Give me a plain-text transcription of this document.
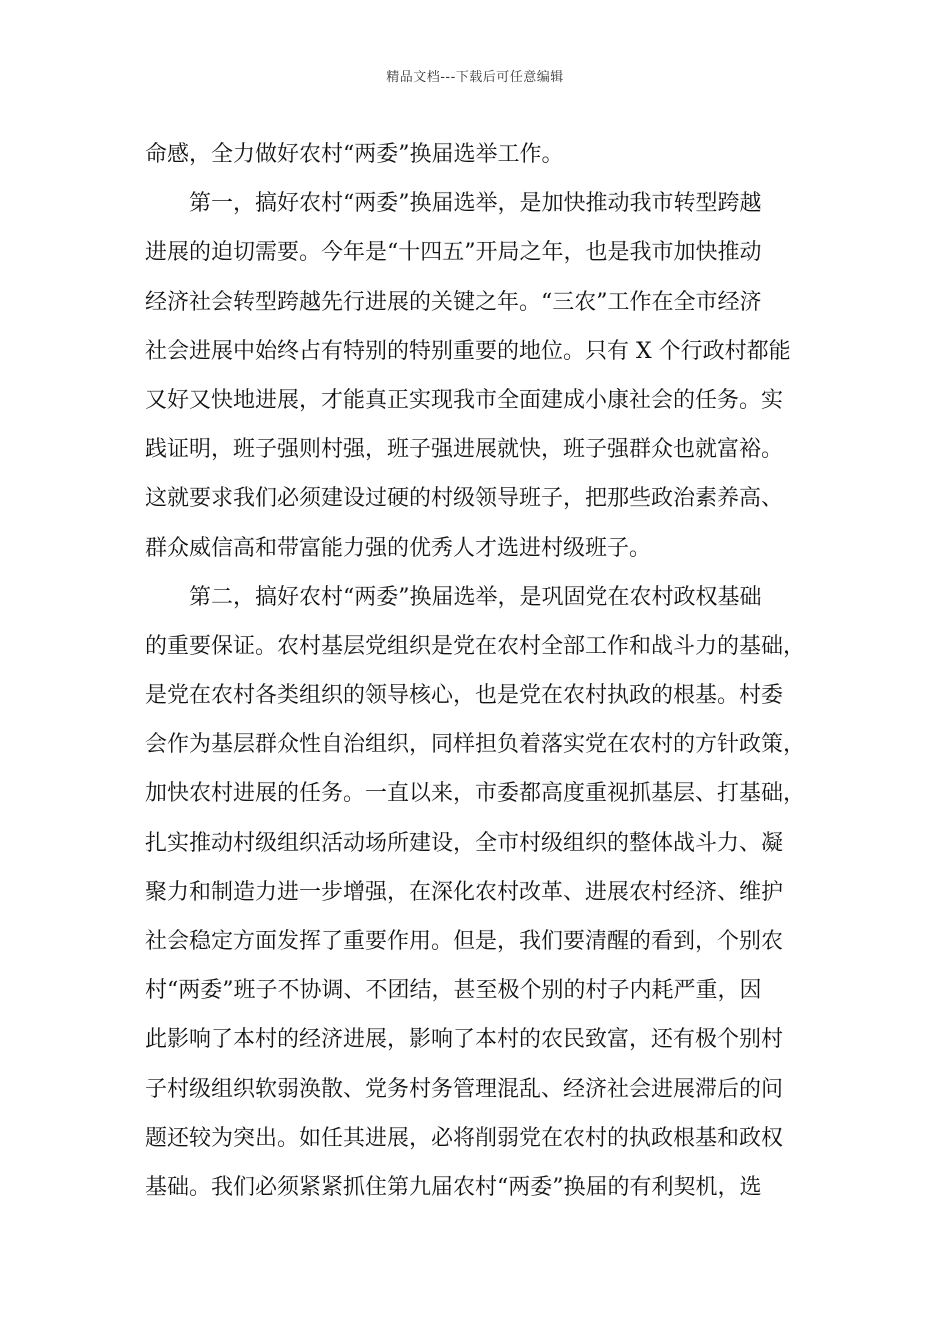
精品文档---下载后可任意编辑
命感，全力做好农村“两委”换届选举工作。
第一，搞好农村“两委”换届选举，是加快推动我市转型跨越
进展的迫切需要。今年是“十四五”开局之年，也是我市加快推动
经济社会转型跨越先行进展的关键之年。“三农”工作在全市经济
社会进展中始终占有特别的特别重要的地位。只有 X 个行政村都能
又好又快地进展，才能真正实现我市全面建成小康社会的任务。实
践证明，班子强则村强，班子强进展就快，班子强群众也就富裕。
这就要求我们必须建设过硬的村级领导班子，把那些政治素养高、
群众威信高和带富能力强的优秀人才选进村级班子。
第二，搞好农村“两委”换届选举，是巩固党在农村政权基础
的重要保证。农村基层党组织是党在农村全部工作和战斗力的基础，
是党在农村各类组织的领导核心，也是党在农村执政的根基。村委
会作为基层群众性自治组织，同样担负着落实党在农村的方针政策，
加快农村进展的任务。一直以来，市委都高度重视抓基层、打基础，
扎实推动村级组织活动场所建设，全市村级组织的整体战斗力、凝
聚力和制造力进一步增强，在深化农村改革、进展农村经济、维护
社会稳定方面发挥了重要作用。但是，我们要清醒的看到，个别农
村“两委”班子不协调、不团结，甚至极个别的村子内耗严重，因
此影响了本村的经济进展，影响了本村的农民致富，还有极个别村
子村级组织软弱涣散、党务村务管理混乱、经济社会进展滞后的问
题还较为突出。如任其进展，必将削弱党在农村的执政根基和政权
基础。我们必须紧紧抓住第九届农村“两委”换届的有利契机，选
